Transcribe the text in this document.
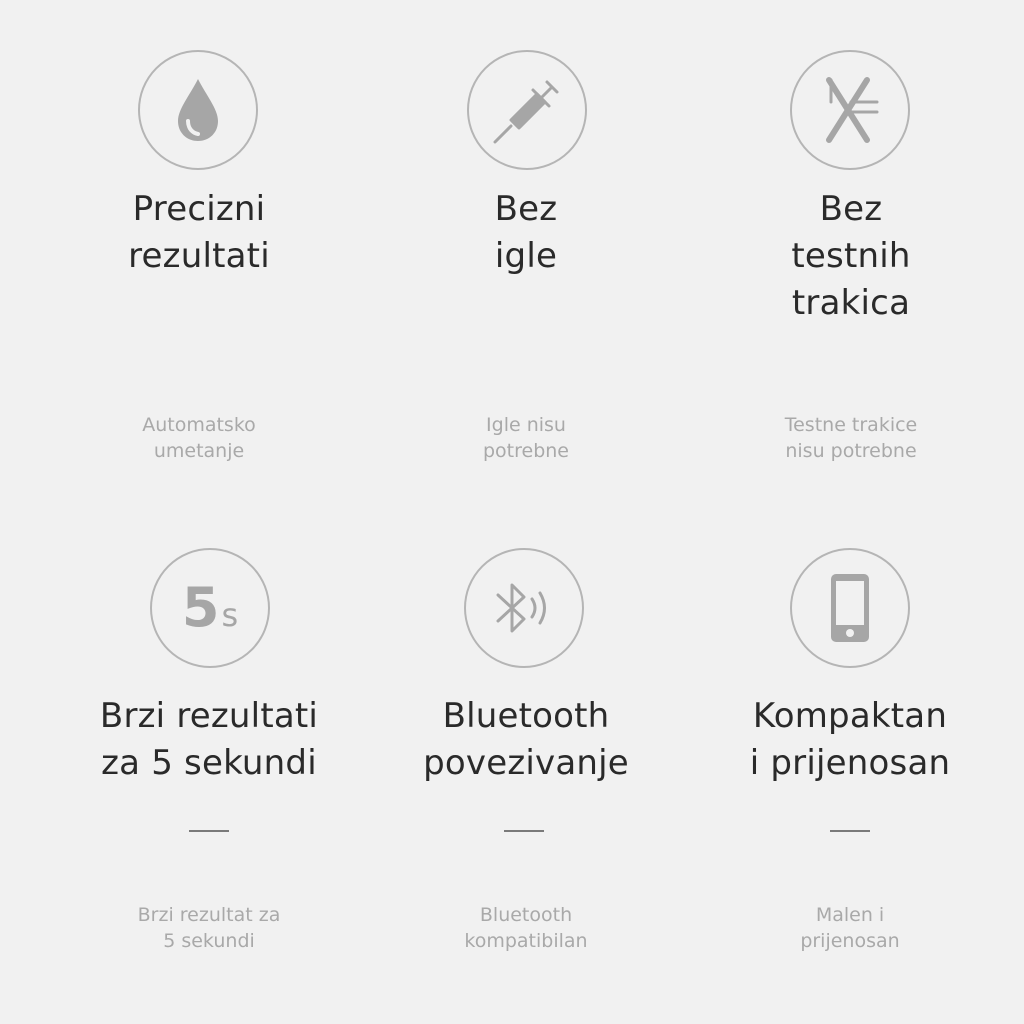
Precizni
rezultati
Automatsko
umetanje
Bez
igle
Igle nisu
potrebne
Bez
testnih
trakica
Testne trakice
nisu potrebne
5 s
Brzi rezultati
za 5 sekundi
Brzi rezultat za
5 sekundi
Bluetooth
povezivanje
Bluetooth
kompatibilan
Kompaktan
i prijenosan
Malen i
prijenosan
